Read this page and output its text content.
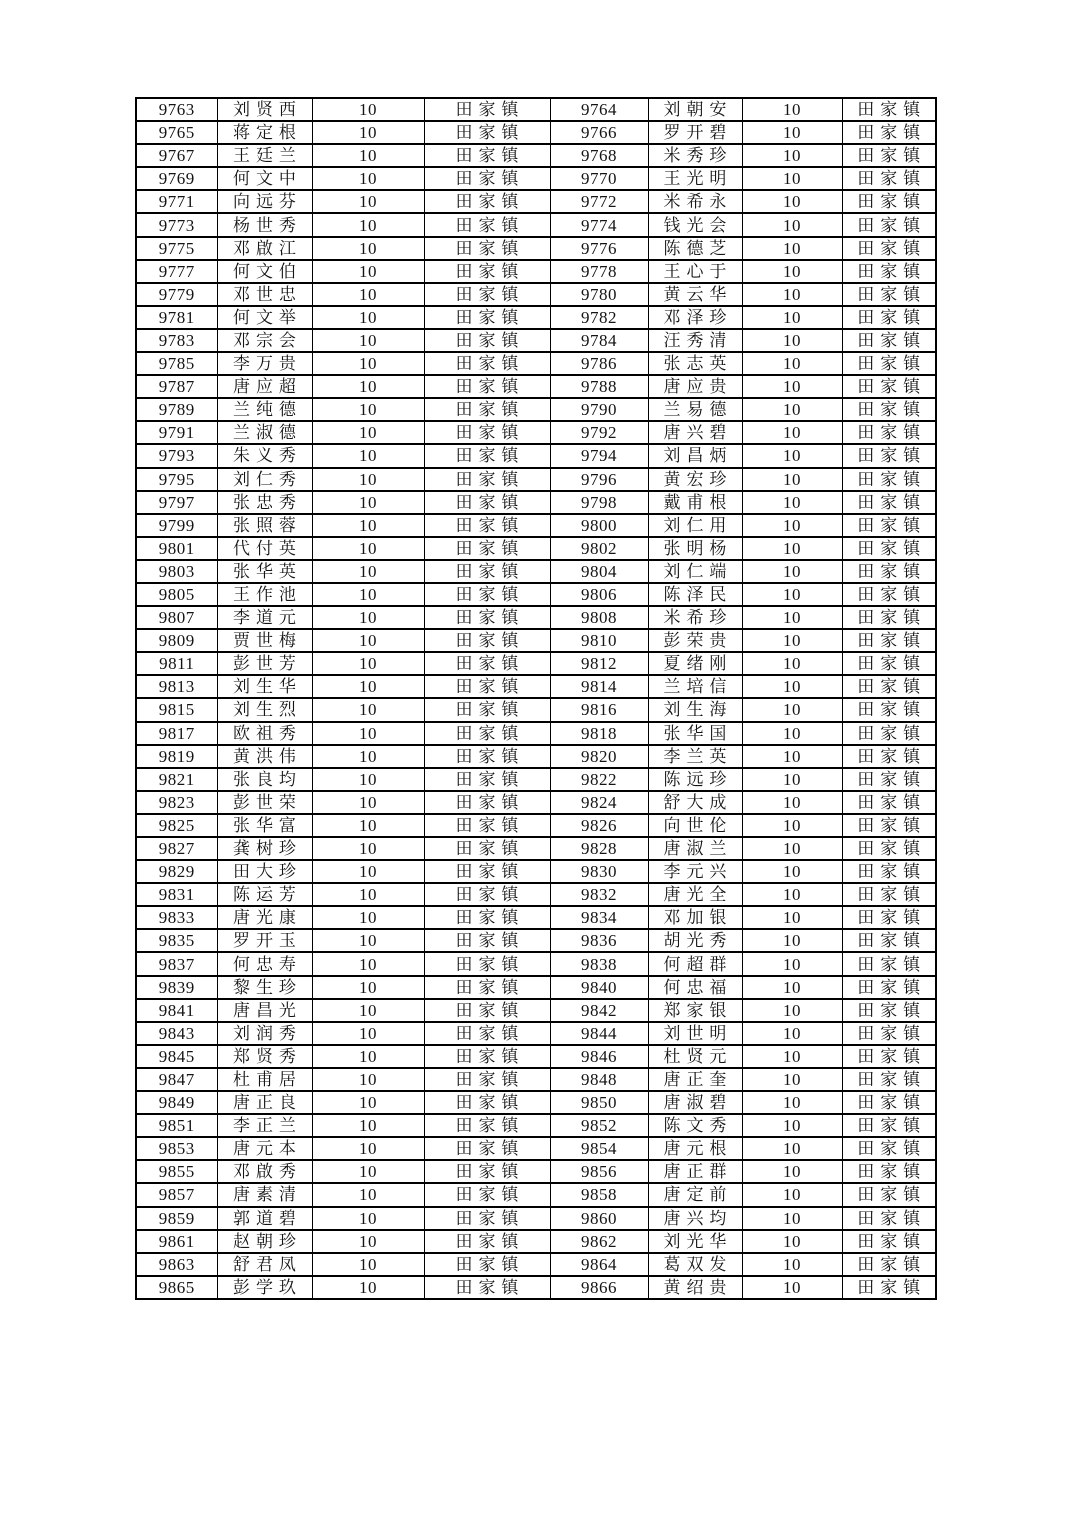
9763	刘贤西	10	田家镇	9764	刘朝安	10	田家镇
9765	蒋定根	10	田家镇	9766	罗开碧	10	田家镇
9767	王廷兰	10	田家镇	9768	米秀珍	10	田家镇
9769	何文中	10	田家镇	9770	王光明	10	田家镇
9771	向远芬	10	田家镇	9772	米希永	10	田家镇
9773	杨世秀	10	田家镇	9774	钱光会	10	田家镇
9775	邓啟江	10	田家镇	9776	陈德芝	10	田家镇
9777	何文伯	10	田家镇	9778	王心于	10	田家镇
9779	邓世忠	10	田家镇	9780	黄云华	10	田家镇
9781	何文举	10	田家镇	9782	邓泽珍	10	田家镇
9783	邓宗会	10	田家镇	9784	汪秀清	10	田家镇
9785	李万贵	10	田家镇	9786	张志英	10	田家镇
9787	唐应超	10	田家镇	9788	唐应贵	10	田家镇
9789	兰纯德	10	田家镇	9790	兰易德	10	田家镇
9791	兰淑德	10	田家镇	9792	唐兴碧	10	田家镇
9793	朱义秀	10	田家镇	9794	刘昌炳	10	田家镇
9795	刘仁秀	10	田家镇	9796	黄宏珍	10	田家镇
9797	张忠秀	10	田家镇	9798	戴甫根	10	田家镇
9799	张照蓉	10	田家镇	9800	刘仁用	10	田家镇
9801	代付英	10	田家镇	9802	张明杨	10	田家镇
9803	张华英	10	田家镇	9804	刘仁端	10	田家镇
9805	王作池	10	田家镇	9806	陈泽民	10	田家镇
9807	李道元	10	田家镇	9808	米希珍	10	田家镇
9809	贾世梅	10	田家镇	9810	彭荣贵	10	田家镇
9811	彭世芳	10	田家镇	9812	夏绪刚	10	田家镇
9813	刘生华	10	田家镇	9814	兰培信	10	田家镇
9815	刘生烈	10	田家镇	9816	刘生海	10	田家镇
9817	欧祖秀	10	田家镇	9818	张华国	10	田家镇
9819	黄洪伟	10	田家镇	9820	李兰英	10	田家镇
9821	张良均	10	田家镇	9822	陈远珍	10	田家镇
9823	彭世荣	10	田家镇	9824	舒大成	10	田家镇
9825	张华富	10	田家镇	9826	向世伦	10	田家镇
9827	龚树珍	10	田家镇	9828	唐淑兰	10	田家镇
9829	田大珍	10	田家镇	9830	李元兴	10	田家镇
9831	陈运芳	10	田家镇	9832	唐光全	10	田家镇
9833	唐光康	10	田家镇	9834	邓加银	10	田家镇
9835	罗开玉	10	田家镇	9836	胡光秀	10	田家镇
9837	何忠寿	10	田家镇	9838	何超群	10	田家镇
9839	黎生珍	10	田家镇	9840	何忠福	10	田家镇
9841	唐昌光	10	田家镇	9842	郑家银	10	田家镇
9843	刘润秀	10	田家镇	9844	刘世明	10	田家镇
9845	郑贤秀	10	田家镇	9846	杜贤元	10	田家镇
9847	杜甫居	10	田家镇	9848	唐正奎	10	田家镇
9849	唐正良	10	田家镇	9850	唐淑碧	10	田家镇
9851	李正兰	10	田家镇	9852	陈文秀	10	田家镇
9853	唐元本	10	田家镇	9854	唐元根	10	田家镇
9855	邓啟秀	10	田家镇	9856	唐正群	10	田家镇
9857	唐素清	10	田家镇	9858	唐定前	10	田家镇
9859	郭道碧	10	田家镇	9860	唐兴均	10	田家镇
9861	赵朝珍	10	田家镇	9862	刘光华	10	田家镇
9863	舒君凤	10	田家镇	9864	葛双发	10	田家镇
9865	彭学玖	10	田家镇	9866	黄绍贵	10	田家镇
